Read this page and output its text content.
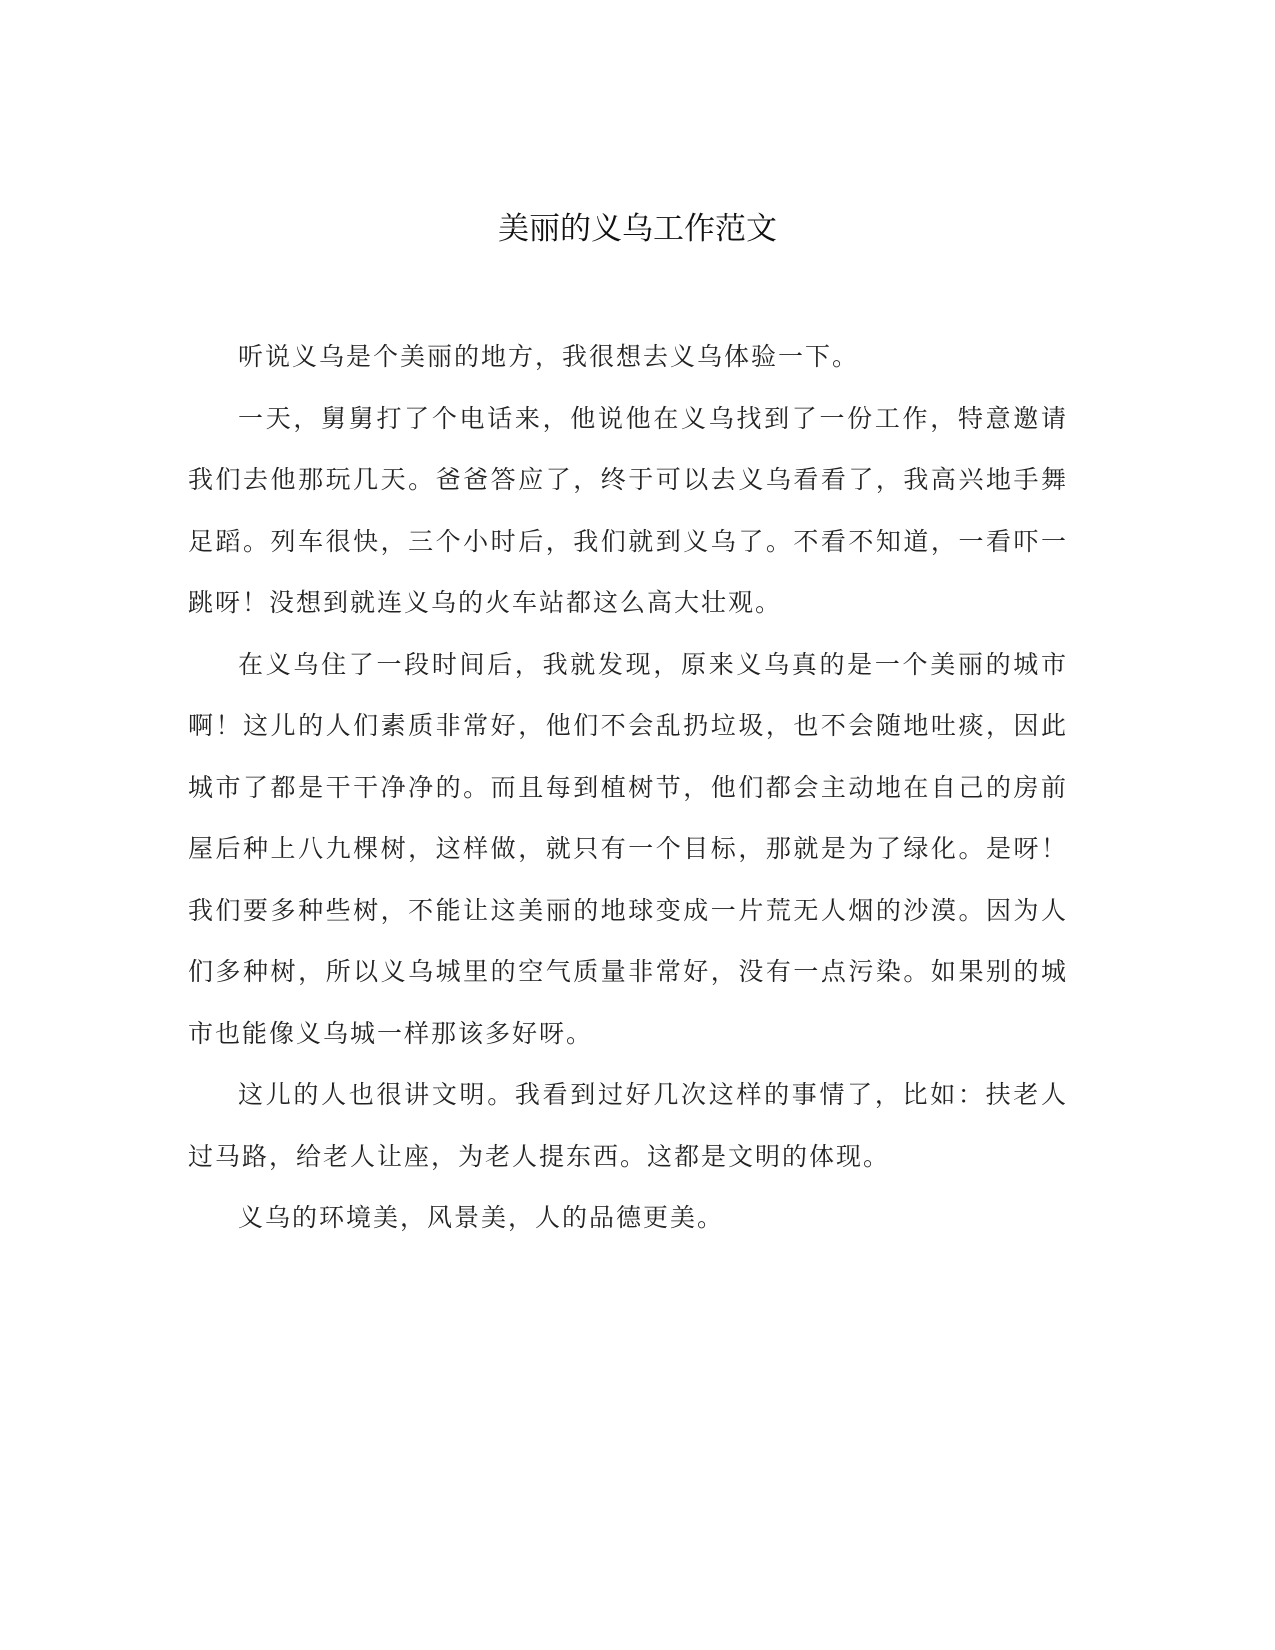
美丽的义乌工作范文

听说义乌是个美丽的地方，我很想去义乌体验一下。

一天，舅舅打了个电话来，他说他在义乌找到了一份工作，特意邀请我们去他那玩几天。爸爸答应了，终于可以去义乌看看了，我高兴地手舞足蹈。列车很快，三个小时后，我们就到义乌了。不看不知道，一看吓一跳呀！没想到就连义乌的火车站都这么高大壮观。

在义乌住了一段时间后，我就发现，原来义乌真的是一个美丽的城市啊！这儿的人们素质非常好，他们不会乱扔垃圾，也不会随地吐痰，因此城市了都是干干净净的。而且每到植树节，他们都会主动地在自己的房前屋后种上八九棵树，这样做，就只有一个目标，那就是为了绿化。是呀！我们要多种些树，不能让这美丽的地球变成一片荒无人烟的沙漠。因为人们多种树，所以义乌城里的空气质量非常好，没有一点污染。如果别的城市也能像义乌城一样那该多好呀。

这儿的人也很讲文明。我看到过好几次这样的事情了，比如：扶老人过马路，给老人让座，为老人提东西。这都是文明的体现。

义乌的环境美，风景美，人的品德更美。
